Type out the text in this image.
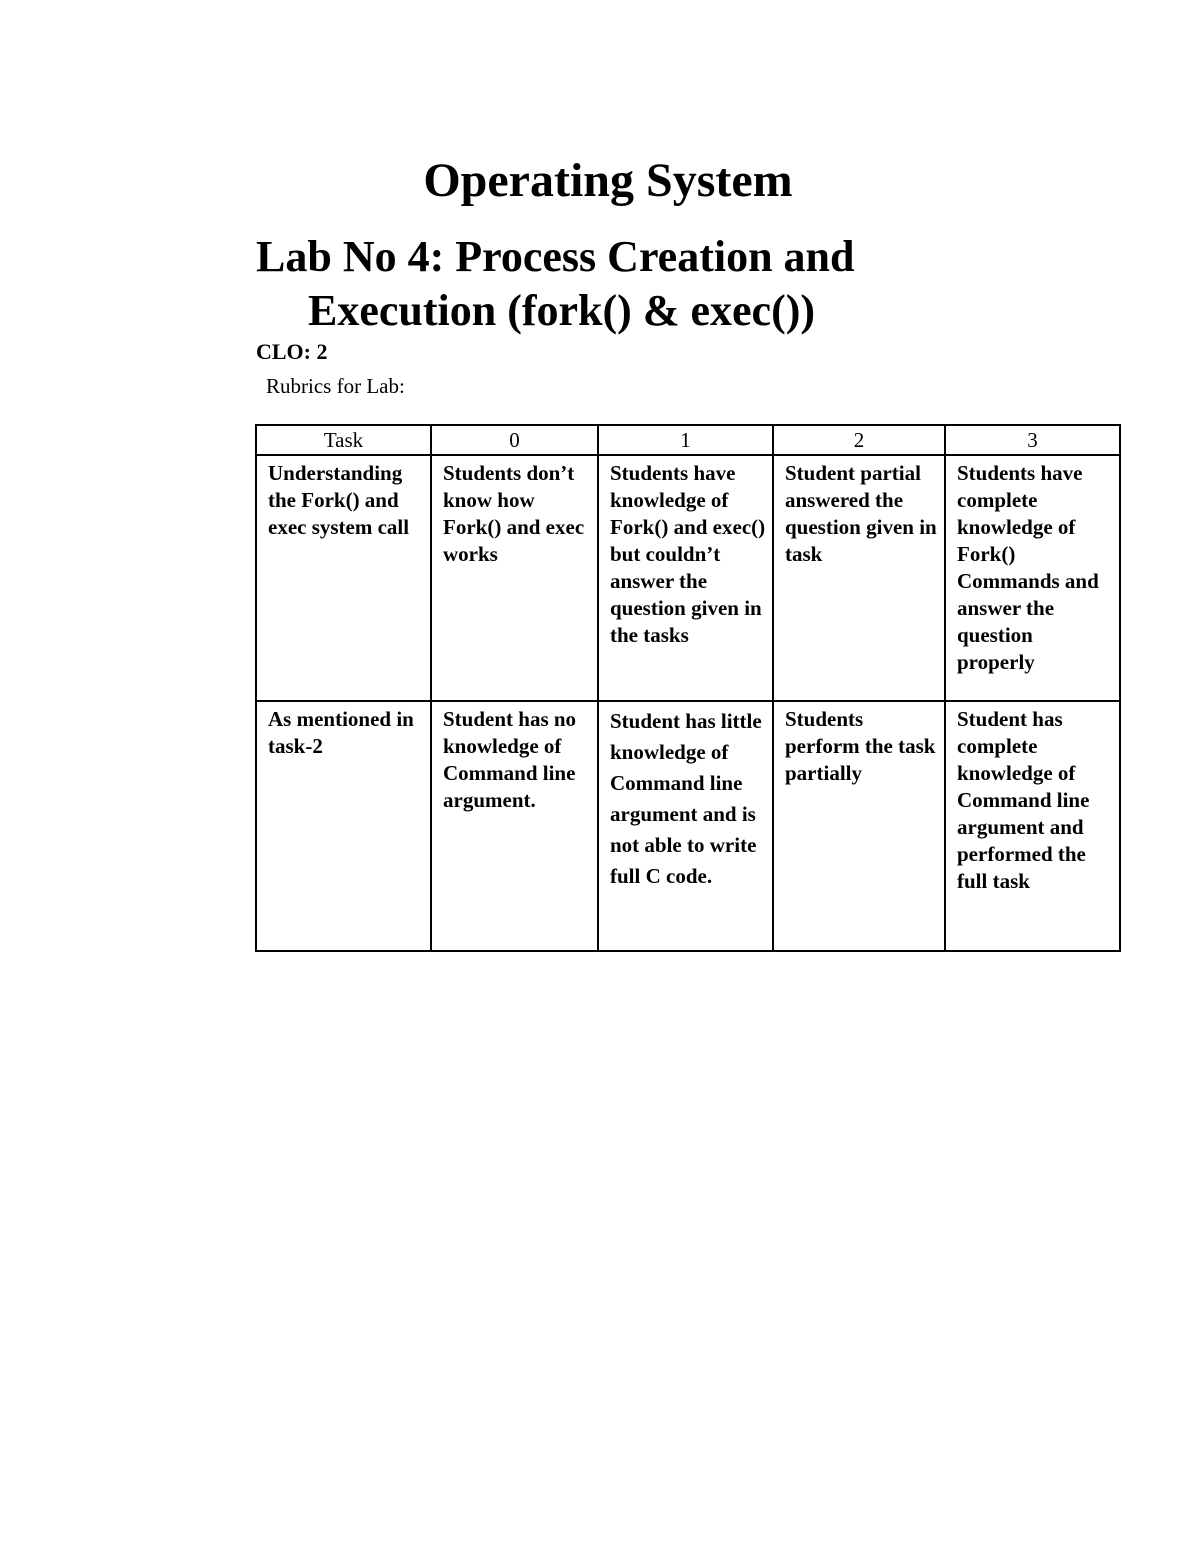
Operating System
Lab No 4: Process Creation and
Execution (fork() & exec())

CLO: 2

Rubrics for Lab:

Task	0	1	2	3
Understanding the Fork() and exec system call	Students don’t know how Fork() and exec works	Students have knowledge of Fork() and exec() but couldn’t answer the question given in the tasks	Student partial answered the question given in task	Students have complete knowledge of Fork() Commands and answer the question properly
As mentioned in task-2	Student has no knowledge of Command line argument.	Student has little knowledge of Command line argument and is not able to write full C code.	Students perform the task partially	Student has complete knowledge of Command line argument and performed the full task
